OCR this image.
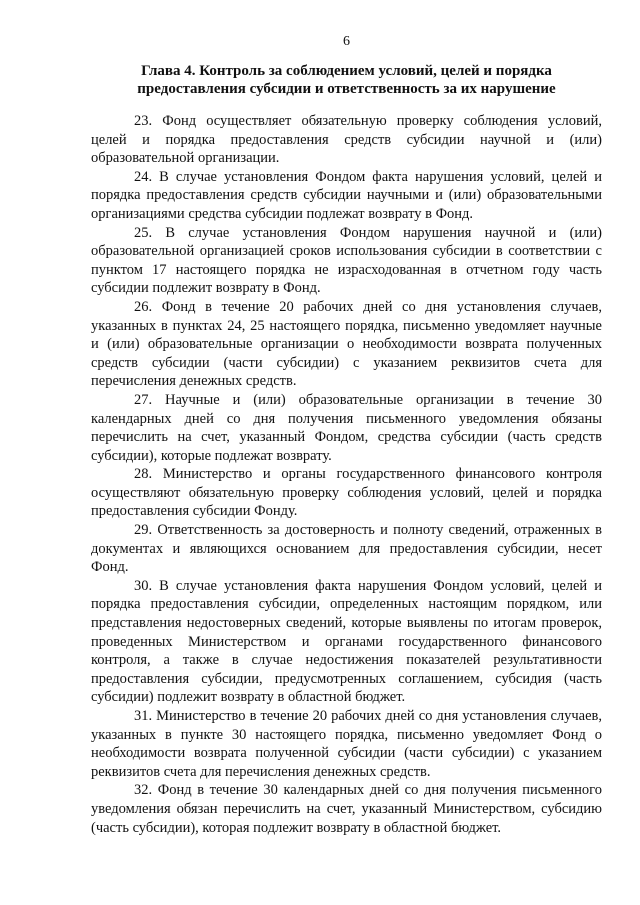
6
Глава 4. Контроль за соблюдением условий, целей и порядка
предоставления субсидии и ответственность за их нарушение

23. Фонд осуществляет обязательную проверку соблюдения условий, целей и порядка предоставления средств субсидии научной и (или) образовательной организации.

24. В случае установления Фондом факта нарушения условий, целей и порядка предоставления средств субсидии научными и (или) образовательными организациями средства субсидии подлежат возврату в Фонд.

25. В случае установления Фондом нарушения научной и (или) образовательной организацией сроков использования субсидии в соответствии с пунктом 17 настоящего порядка не израсходованная в отчетном году часть субсидии подлежит возврату в Фонд.

26. Фонд в течение 20 рабочих дней со дня установления случаев, указанных в пунктах 24, 25 настоящего порядка, письменно уведомляет научные и (или) образовательные организации о необходимости возврата полученных средств субсидии (части субсидии) с указанием реквизитов счета для перечисления денежных средств.

27. Научные и (или) образовательные организации в течение 30 календарных дней со дня получения письменного уведомления обязаны перечислить на счет, указанный Фондом, средства субсидии (часть средств субсидии), которые подлежат возврату.

28. Министерство и органы государственного финансового контроля осуществляют обязательную проверку соблюдения условий, целей и порядка предоставления субсидии Фонду.

29. Ответственность за достоверность и полноту сведений, отраженных в документах и являющихся основанием для предоставления субсидии, несет Фонд.

30. В случае установления факта нарушения Фондом условий, целей и порядка предоставления субсидии, определенных настоящим порядком, или представления недостоверных сведений, которые выявлены по итогам проверок, проведенных Министерством и органами государственного финансового контроля, а также в случае недостижения показателей результативности предоставления субсидии, предусмотренных соглашением, субсидия (часть субсидии) подлежит возврату в областной бюджет.

31. Министерство в течение 20 рабочих дней со дня установления случаев, указанных в пункте 30 настоящего порядка, письменно уведомляет Фонд о необходимости возврата полученной субсидии (части субсидии) с указанием реквизитов счета для перечисления денежных средств.

32. Фонд в течение 30 календарных дней со дня получения письменного уведомления обязан перечислить на счет, указанный Министерством, субсидию (часть субсидии), которая подлежит возврату в областной бюджет.
